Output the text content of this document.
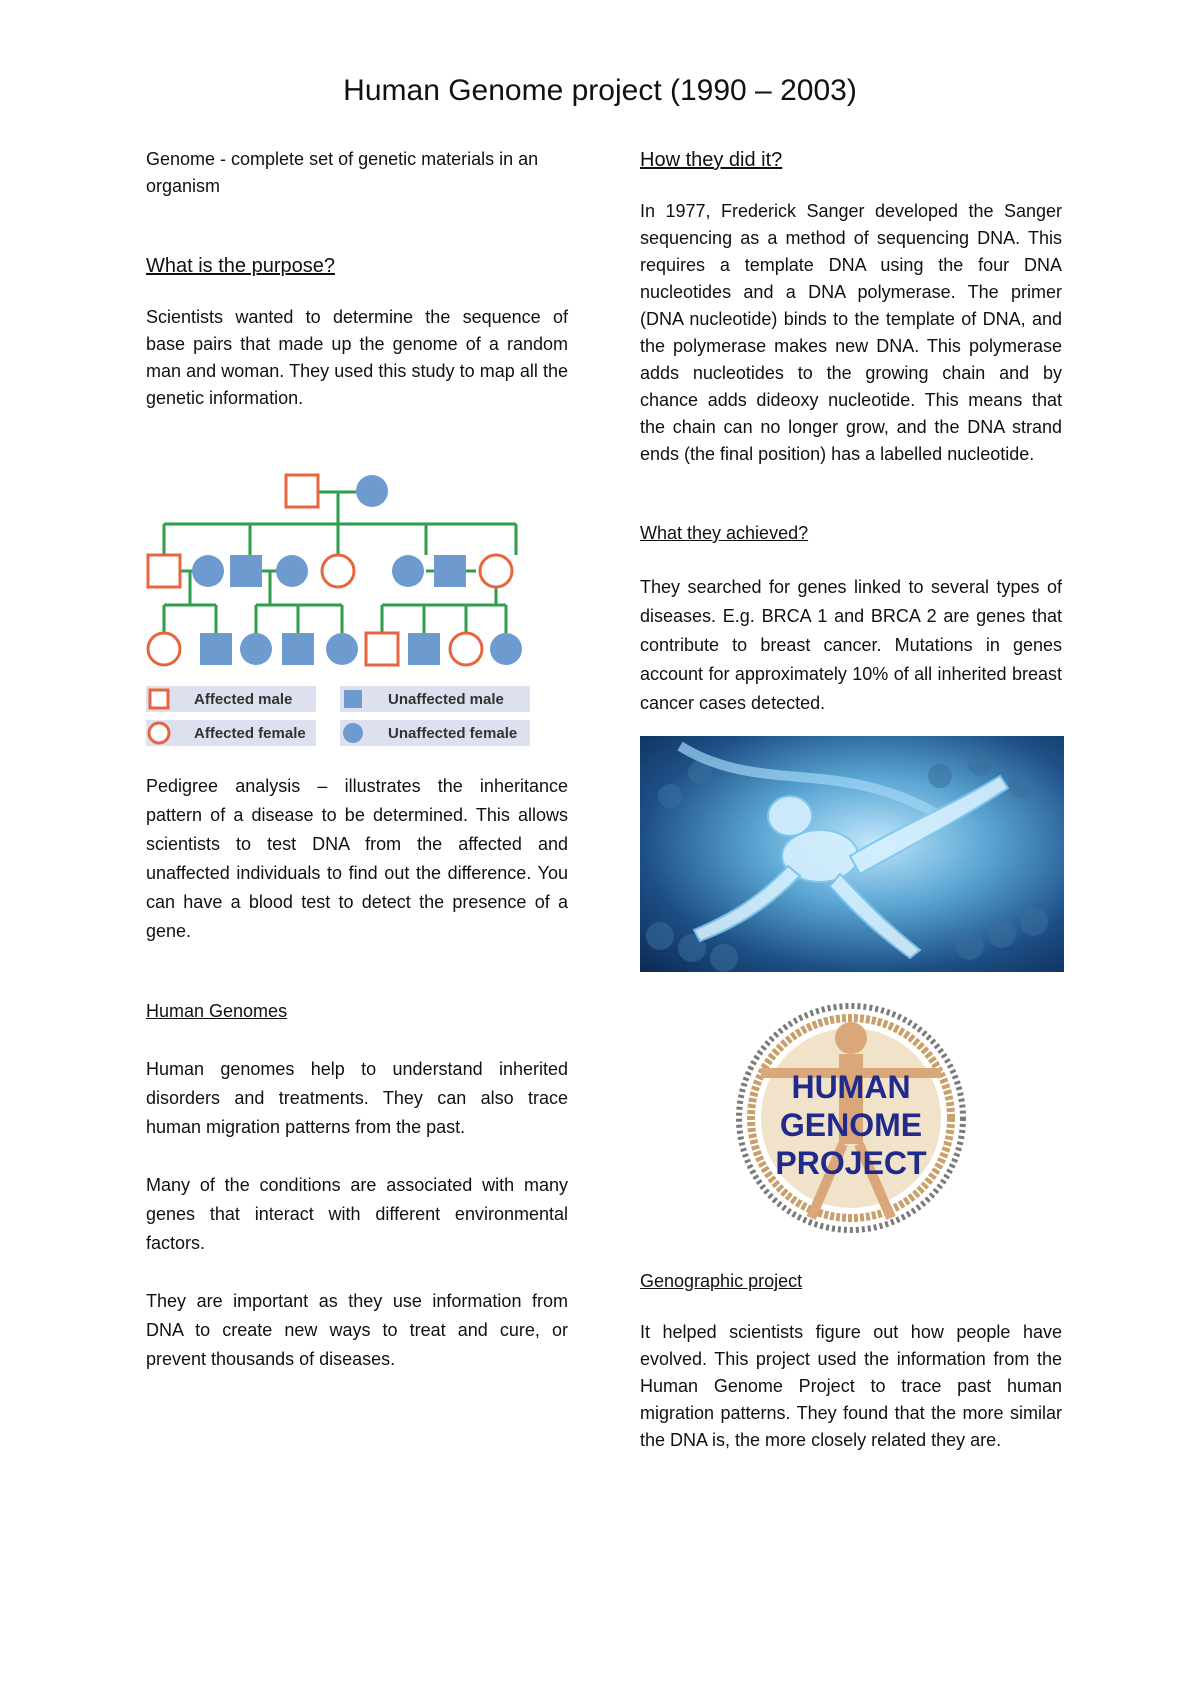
Human Genome project (1990 – 2003)

Genome - complete set of genetic materials in an organism

What is the purpose?

Scientists wanted to determine the sequence of base pairs that made up the genome of a random man and woman. They used this study to map all the genetic information.

Affected male	Unaffected male
Affected female	Unaffected female

Pedigree analysis – illustrates the inheritance pattern of a disease to be determined. This allows scientists to test DNA from the affected and unaffected individuals to find out the difference. You can have a blood test to detect the presence of a gene.

Human Genomes

Human genomes help to understand inherited disorders and treatments. They can also trace human migration patterns from the past.

Many of the conditions are associated with many genes that interact with different environmental factors.

They are important as they use information from DNA to create new ways to treat and cure, or prevent thousands of diseases.

How they did it?

In 1977, Frederick Sanger developed the Sanger sequencing as a method of sequencing DNA. This requires a template DNA using the four DNA nucleotides and a DNA polymerase. The primer (DNA nucleotide) binds to the template of DNA, and the polymerase makes new DNA. This polymerase adds nucleotides to the growing chain and by chance adds dideoxy nucleotide. This means that the chain can no longer grow, and the DNA strand ends (the final position) has a labelled nucleotide.

What they achieved?

They searched for genes linked to several types of diseases. E.g. BRCA 1 and BRCA 2 are genes that contribute to breast cancer. Mutations in genes account for approximately 10% of all inherited breast cancer cases detected.

HUMAN
GENOME
PROJECT
Genographic project

It helped scientists figure out how people have evolved. This project used the information from the Human Genome Project to trace past human migration patterns. They found that the more similar the DNA is, the more closely related they are.
